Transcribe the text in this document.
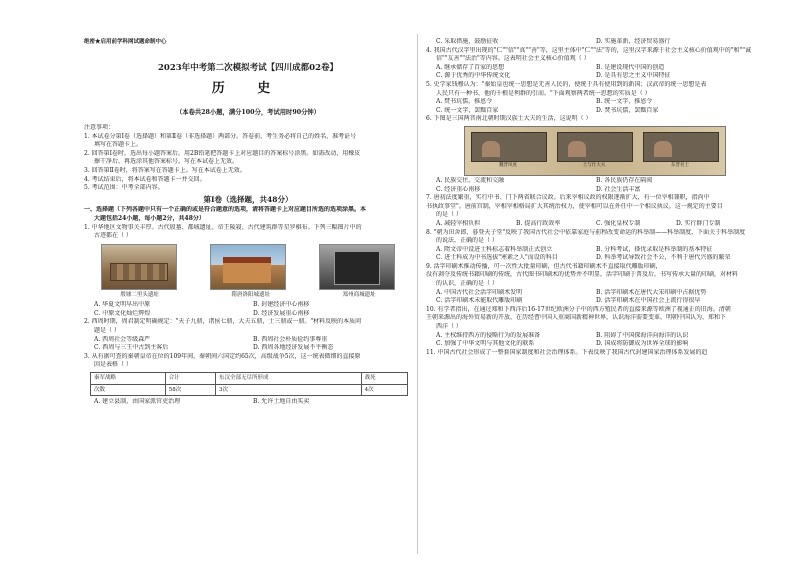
绝密★启用前学科网试题命制中心

2023年中考第二次模拟考试【四川成都02卷】

历 史

（本卷共28小题，满分100分，考试用时90分钟）

注意事项：

1. 本试卷分第Ⅰ卷（选择题）和第Ⅱ卷（非选择题）两部分。答卷前，考生务必将自己的姓名、准考证号

填写在答题卡上。

2. 回答第Ⅰ卷时，选出每小题答案后，用2B铅笔把答题卡上对应题目的答案标号涂黑。如需改动，用橡皮

擦干净后，再选涂其他答案标号。写在本试卷上无效。

3. 回答第Ⅱ卷时，将答案写在答题卡上。写在本试卷上无效。

4. 考试结束后，将本试卷和答题卡一并交回。

5. 考试范围：中考全部内容。

第Ⅰ卷（选择题，共48分）

一、选择题（下列各题中只有一个正确的或是符合题意的选项，请将答题卡上对应题目所选的选项涂黑。本

大题包括24小题，每小题2分，共48分）

1. 中华地区文物事关丰厚。古代殷墓、都城遗址、帝王陵寝、古代建筑群等星罗棋布。下列三幅图片中的

古迹都在（ ）

殷墟二里头遗址	隋唐洛阳城遗址	郑州商城遗址
A. 华夏文明早出中原	B. 封建经济中心南移
C. 中原文化灿烂辉煌	D. 经济发展重心南移

2. 西周时期，周君制定明确规定："天子九鼎，诸侯七鼎，大夫五鼎，士三鼎或一鼎。"材料反映的本质问

题是（ ）

A. 西周社会等级森严	B. 西周社会朴质俭约事尊重
C. 西周与三王中古到主客后	D. 西周各地经济发展不平衡态

3. 从有据可查的秦朝皇帝在位的109年间，秦朝间六国定约65次，高级战争5次，这一统表微细的直接原

因是表格（ ）

秦军战略	合计	东汉全部无尽所形成	战死
次数	58次	3次	4次
A. 建立县制，由国家派官吏治理	B. 允许土地自由买卖
C. 采取措施，鼓励征收	D. 实施革新，经济贸易盛行

4. 我国古代汉字里出现的"仁""信""真""善"等，这里主体中"仁""法"等的，这里汉字来源于社会主义核心价值观中的"和""诚

信""友善""法治"等内容。这表明社会主义核心价值观（ ）

A. 继承储存了百家的思想	B. 是建设现代中国的创造
C. 源于优秀的中华传统文化	D. 是具有思之主义中国特征

5. 史学家钱穆认为："秦始皇也统一思想是无善人民的，使统于具有使用到的新国；汉武帝的统一思想是表

人民只有一种书，他的千根是利群的引而。"下面观察两者统一思想的实质是（ ）

A. 焚书坑儒，推恩令	B. 统一文字，推恩令
C. 统一文字，罢黜百家	D. 焚书坑儒，罢黜百家

6. 下图是三国两晋南北朝时期汉族士大夫的生活，这说明（ ）

魏晋风度	士与仕大夫	东晋名士
A. 民族交往，交流和交融	B. 各民族仍存在隔阂
C. 经济重心南移	D. 社会生活丰富

7. 唐初法度繁重，实行中书、门下两省联合议政。后来宰相议政的权限逐渐扩大，有一位宰相兼职，指尚中

书执政事堂"。唐前宫制，宰相宰相格局扩大其统治权力，使宰相可以在外任中一个相议执议。这一规定的主要目

的是（ ）

A. 减轻宰相负担	B. 提高行政效率	C. 强化皇权专制	D. 实行群门专制

8. "朝为田舍郎，暮登天子堂"反映了我国古代社会中依靠家庭与前程改变命运的科举制——科举制度，下面关于科举制度

的说法，正确的是（ ）

A. 隋文帝中设进士科标志着科举制正式创立	B. 分科考试，择优录取是科举制的基本特征
C. 进士科成为中书选拔"寒素之人"而设的科目	D. 科举考试导致社会不公，不利于唐代兴盛的繁荣

9. 活字印刷术推动传播，可一次性大批量印刷，但古代书籍印刷术不直接取代雕版印刷，

没有剥夺及传统书籍印刷的传统，古代图书印刷术的优势并不明显，活字印刷于普及后，书写传承大量的印刷，对材料

的认识，正确的是（ ）

A. 中国古代社会活字印刷术发明	B. 活字印刷术在唐代大宋印刷中占据优势
C. 活字印刷术未能取代雕版印刷	D. 活字印刷术在中国社会上流行得很早

10. 有学者指出，在通过郑和下西洋后16-17世纪欧洲分子中的西方殖民者的直接来源等欧洲了视通正的旧海。清朝

王朝来源出的海外贸易新的开放，在历经曹中国人重商国新精神世界，认识海洋需要变革，明朝中国认为，郑和下

西洋（ ）

A. 主权维持西方的侵略行为的发展准备	B. 阻碍了中国探海洋向海洋的认识
C. 加强了中华文明与其他文化的联系	D. 国成将防御成为世界全球的影响

11. 中国古代社会形成了一整套国家制度和社会治理体系。下表反映了我国古代封建国家治理体系发展的趋
